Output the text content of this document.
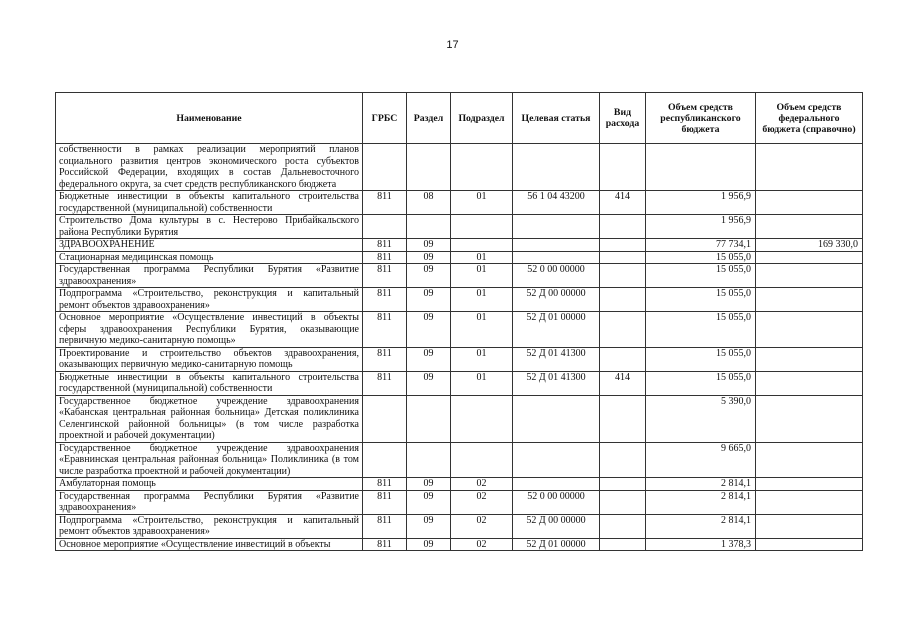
17
Наименование	ГРБС	Раздел	Подраздел	Целевая статья	Вид расхода	Объем средств республиканского бюджета	Объем средств федерального бюджета (справочно)
собственности в рамках реализации мероприятий планов социального развития центров экономического роста субъектов Российской Федерации, входящих в состав Дальневосточного федерального округа, за счет средств республиканского бюджета							
Бюджетные инвестиции в объекты капитального строительства государственной (муниципальной) собственности	811	08	01	56 1 04 43200	414	1 956,9	
Строительство Дома культуры в с. Нестерово Прибайкальского района Республики Бурятия						1 956,9	
ЗДРАВООХРАНЕНИЕ	811	09				77 734,1	169 330,0
Стационарная медицинская помощь	811	09	01			15 055,0	
Государственная программа Республики Бурятия «Развитие здравоохранения»	811	09	01	52 0 00 00000		15 055,0	
Подпрограмма «Строительство, реконструкция и капитальный ремонт объектов здравоохранения»	811	09	01	52 Д 00 00000		15 055,0	
Основное мероприятие «Осуществление инвестиций в объекты сферы здравоохранения Республики Бурятия, оказывающие первичную медико-санитарную помощь»	811	09	01	52 Д 01 00000		15 055,0	
Проектирование и строительство объектов здравоохранения, оказывающих первичную медико-санитарную помощь	811	09	01	52 Д 01 41300		15 055,0	
Бюджетные инвестиции в объекты капитального строительства государственной (муниципальной) собственности	811	09	01	52 Д 01 41300	414	15 055,0	
Государственное бюджетное учреждение здравоохранения «Кабанская центральная районная больница» Детская поликлиника Селенгинской районной больницы» (в том числе разработка проектной и рабочей документации)						5 390,0	
Государственное бюджетное учреждение здравоохранения «Еравнинская центральная районная больница» Поликлиника (в том числе разработка проектной и рабочей документации)						9 665,0	
Амбулаторная помощь	811	09	02			2 814,1	
Государственная программа Республики Бурятия «Развитие здравоохранения»	811	09	02	52 0 00 00000		2 814,1	
Подпрограмма «Строительство, реконструкция и капитальный ремонт объектов здравоохранения»	811	09	02	52 Д 00 00000		2 814,1	
Основное мероприятие «Осуществление инвестиций в объекты	811	09	02	52 Д 01 00000		1 378,3	
